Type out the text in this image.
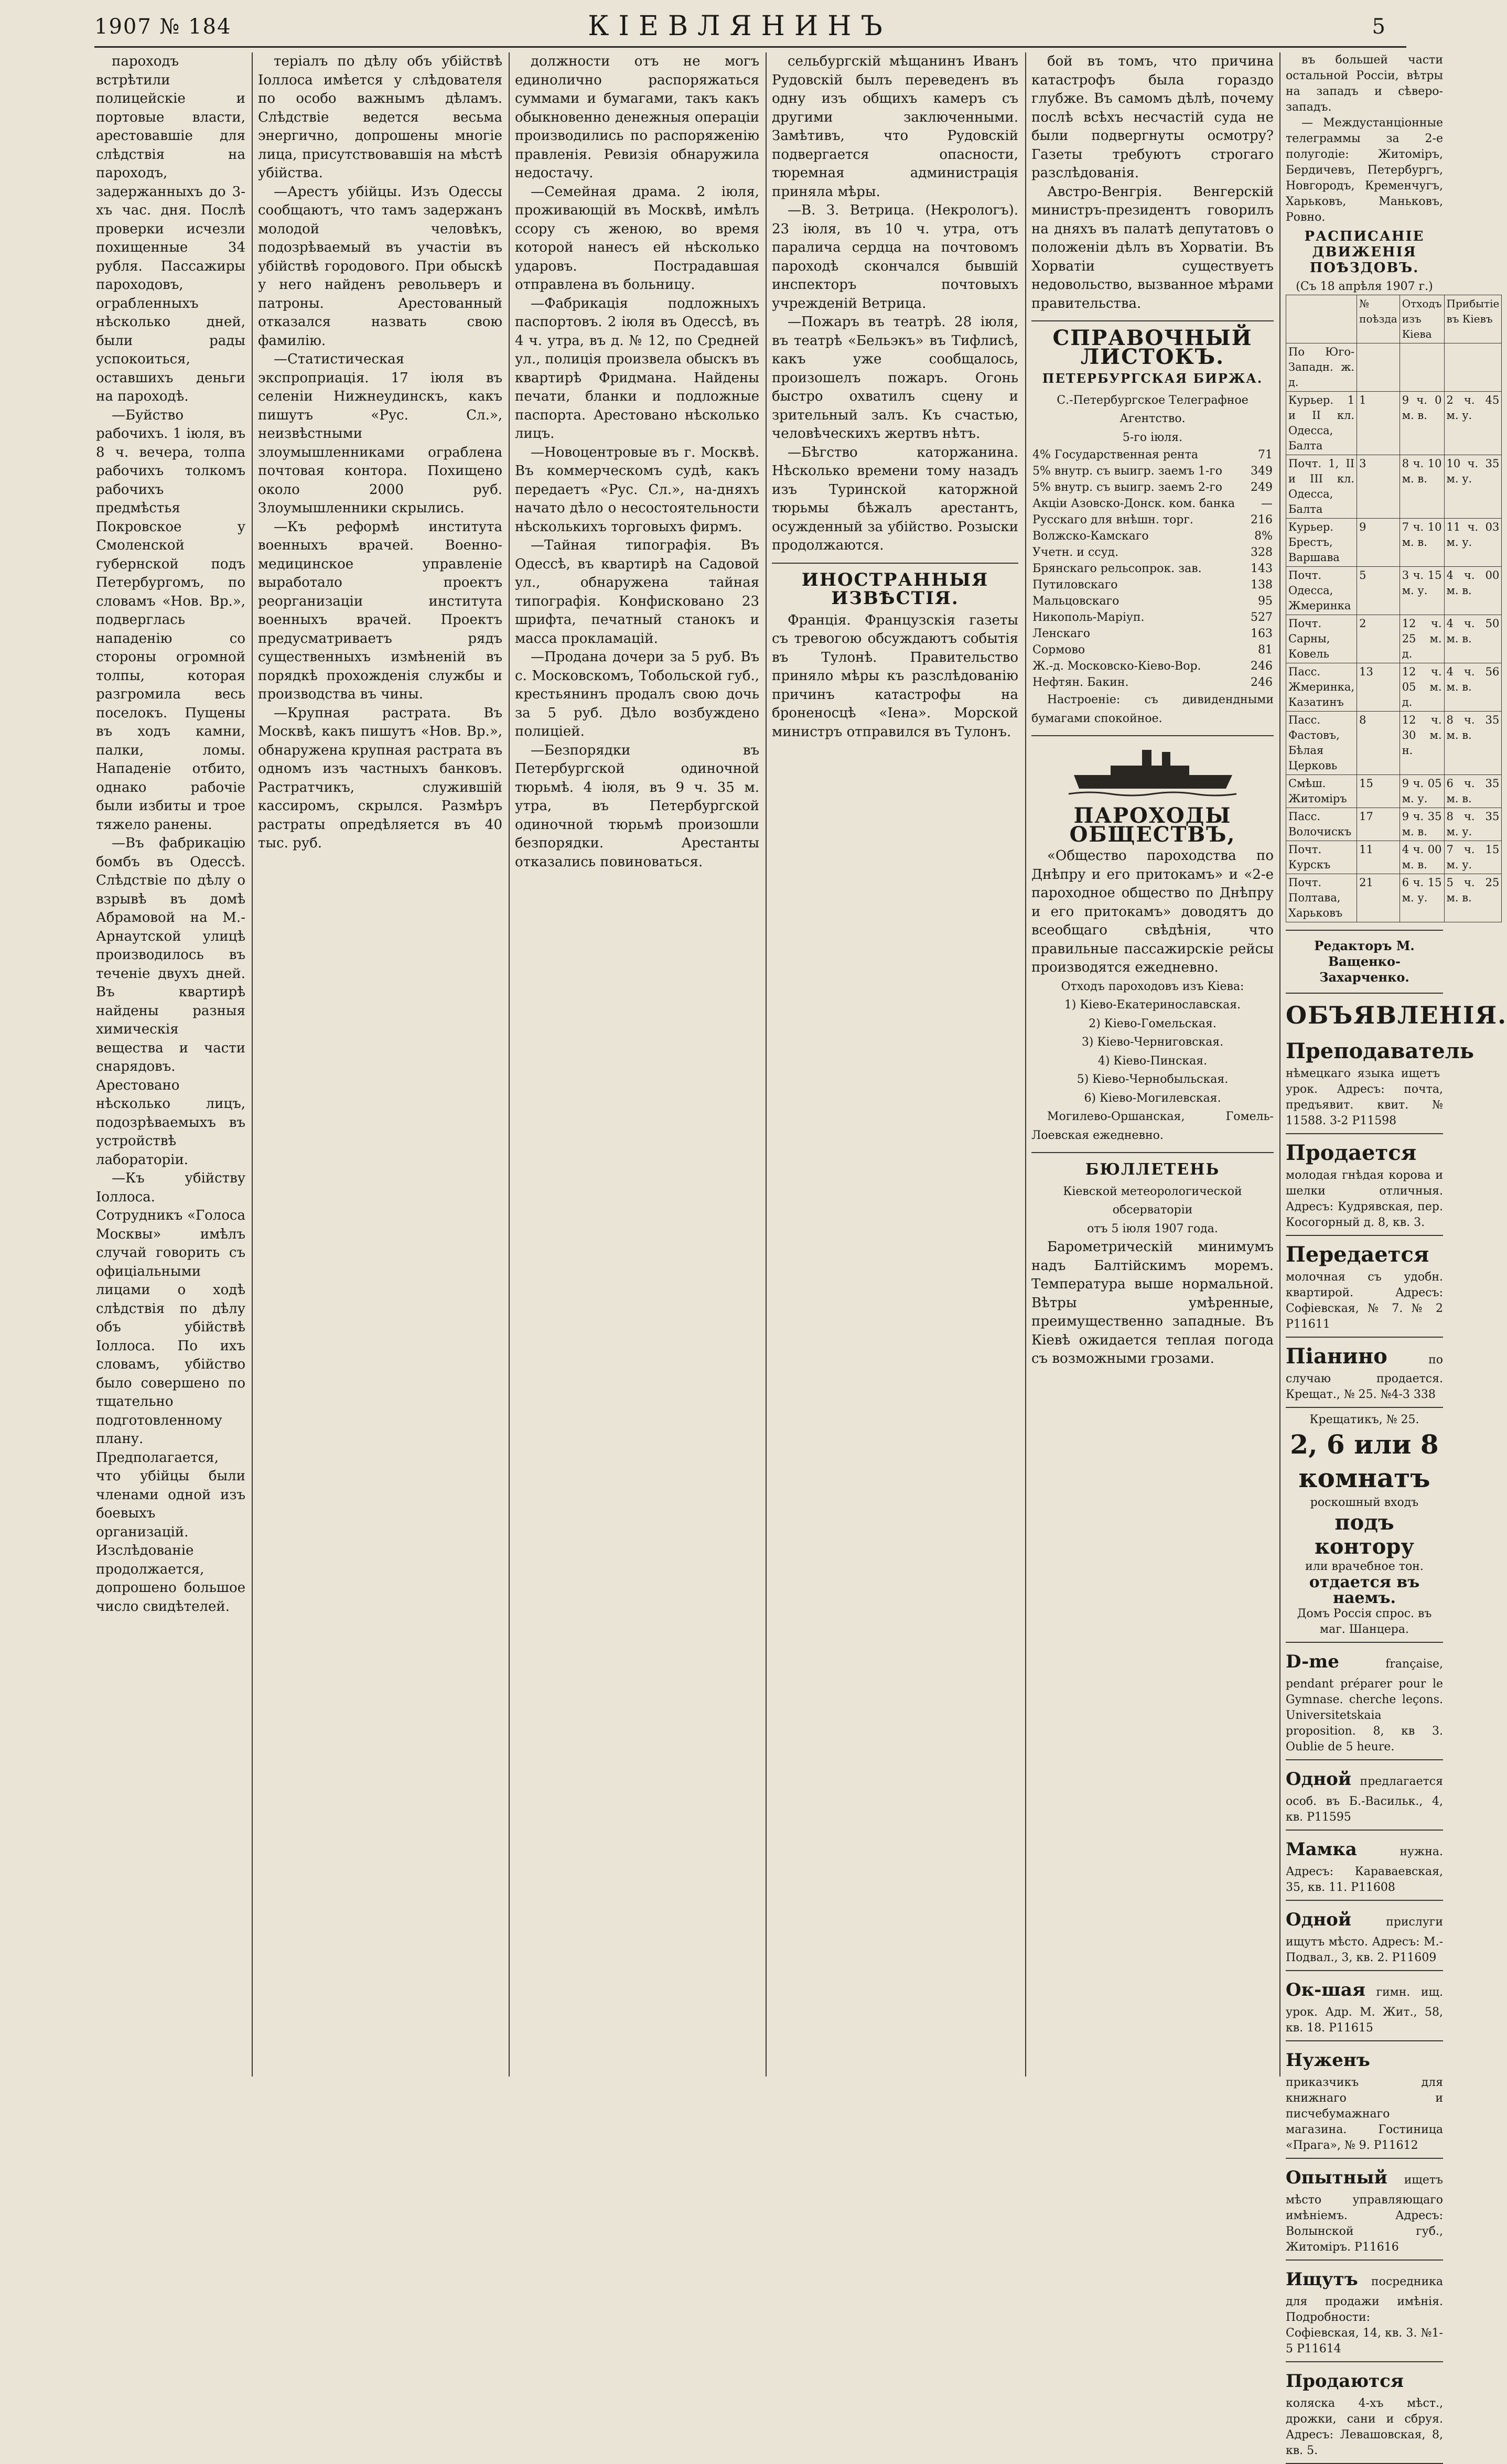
1907 № 184	КІЕВЛЯНИНЪ	5

пароходъ встрѣтили полицейскіе и портовые власти, арестовавшіе для слѣдствія на пароходъ, задержанныхъ до 3-хъ час. дня. Послѣ проверки исчезли похищенные 34 рубля. Пассажиры пароходовъ, ограбленныхъ нѣсколько дней, были рады успокоиться, оставшихъ деньги на пароходѣ.

—Буйство рабочихъ. 1 іюля, въ 8 ч. вечера, толпа рабочихъ толкомъ рабочихъ предмѣстья Покровское у Смоленской губернской подъ Петербургомъ, по словамъ «Нов. Вр.», подверглась нападенію со стороны огромной толпы, которая разгромила весь поселокъ. Пущены въ ходъ камни, палки, ломы. Нападеніе отбито, однако рабочіе были избиты и трое тяжело ранены.

—Въ фабрикацію бомбъ въ Одессѣ. Слѣдствіе по дѣлу о взрывѣ въ домѣ Абрамовой на М.-Арнаутской улицѣ производилось въ теченіе двухъ дней. Въ квартирѣ найдены разныя химическія вещества и части снарядовъ. Арестовано нѣсколько лицъ, подозрѣваемыхъ въ устройствѣ лабораторіи.

—Къ убійству Іоллоса. Сотрудникъ «Голоса Москвы» имѣлъ случай говорить съ офиціальными лицами о ходѣ слѣдствія по дѣлу объ убійствѣ Іоллоса. По ихъ словамъ, убійство было совершено по тщательно подготовленному плану. Предполагается, что убійцы были членами одной изъ боевыхъ организацій. Изслѣдованіе продолжается, допрошено большое число свидѣтелей.

теріалъ по дѣлу объ убійствѣ Іоллоса имѣется у слѣдователя по особо важнымъ дѣламъ. Слѣдствіе ведется весьма энергично, допрошены многіе лица, присутствовавшія на мѣстѣ убійства.

—Арестъ убійцы. Изъ Одессы сообщаютъ, что тамъ задержанъ молодой человѣкъ, подозрѣваемый въ участіи въ убійствѣ городового. При обыскѣ у него найденъ револьверъ и патроны. Арестованный отказался назвать свою фамилію.

—Статистическая экспроприація. 17 іюля въ селеніи Нижнеудинскъ, какъ пишутъ «Рус. Сл.», неизвѣстными злоумышленниками ограблена почтовая контора. Похищено около 2000 руб. Злоумышленники скрылись.

—Къ реформѣ института военныхъ врачей. Военно-медицинское управленіе выработало проектъ реорганизаціи института военныхъ врачей. Проектъ предусматриваетъ рядъ существенныхъ измѣненій въ порядкѣ прохожденія службы и производства въ чины.

—Крупная растрата. Въ Москвѣ, какъ пишутъ «Нов. Вр.», обнаружена крупная растрата въ одномъ изъ частныхъ банковъ. Растратчикъ, служившій кассиромъ, скрылся. Размѣръ растраты опредѣляется въ 40 тыс. руб.

должности отъ не могъ единолично распоряжаться суммами и бумагами, такъ какъ обыкновенно денежныя операціи производились по распоряженію правленія. Ревизія обнаружила недостачу.

—Семейная драма. 2 іюля, проживающій въ Москвѣ, имѣлъ ссору съ женою, во время которой нанесъ ей нѣсколько ударовъ. Пострадавшая отправлена въ больницу.

—Фабрикація подложныхъ паспортовъ. 2 іюля въ Одессѣ, въ 4 ч. утра, въ д. № 12, по Средней ул., полиція произвела обыскъ въ квартирѣ Фридмана. Найдены печати, бланки и подложные паспорта. Арестовано нѣсколько лицъ.

—Новоцентровые въ г. Москвѣ. Въ коммерческомъ судѣ, какъ передаетъ «Рус. Сл.», на-дняхъ начато дѣло о несостоятельности нѣсколькихъ торговыхъ фирмъ.

—Тайная типографія. Въ Одессѣ, въ квартирѣ на Садовой ул., обнаружена тайная типографія. Конфисковано 23 шрифта, печатный станокъ и масса прокламацій.

—Продана дочери за 5 руб. Въ с. Московскомъ, Тобольской губ., крестьянинъ продалъ свою дочь за 5 руб. Дѣло возбуждено полиціей.

—Безпорядки въ Петербургской одиночной тюрьмѣ. 4 іюля, въ 9 ч. 35 м. утра, въ Петербургской одиночной тюрьмѣ произошли безпорядки. Арестанты отказались повиноваться.

сельбургскій мѣщанинъ Иванъ Рудовскій былъ переведенъ въ одну изъ общихъ камеръ съ другими заключенными. Замѣтивъ, что Рудовскій подвергается опасности, тюремная администрація приняла мѣры.

—В. З. Ветрица. (Некрологъ). 23 іюля, въ 10 ч. утра, отъ паралича сердца на почтовомъ пароходѣ скончался бывшій инспекторъ почтовыхъ учрежденій Ветрица.

—Пожаръ въ театрѣ. 28 іюля, въ театрѣ «Бельэкъ» въ Тифлисѣ, какъ уже сообщалось, произошелъ пожаръ. Огонь быстро охватилъ сцену и зрительный залъ. Къ счастью, человѣческихъ жертвъ нѣтъ.

—Бѣгство каторжанина. Нѣсколько времени тому назадъ изъ Туринской каторжной тюрьмы бѣжалъ арестантъ, осужденный за убійство. Розыски продолжаются.

ИНОСТРАННЫЯ ИЗВѢСТІЯ.

Франція. Французскія газеты съ тревогою обсуждаютъ событія въ Тулонѣ. Правительство приняло мѣры къ разслѣдованію причинъ катастрофы на броненосцѣ «Іена». Морской министръ отправился въ Тулонъ.

бой въ томъ, что причина катастрофъ была гораздо глубже. Въ самомъ дѣлѣ, почему послѣ всѣхъ несчастій суда не были подвергнуты осмотру? Газеты требуютъ строгаго разслѣдованія.

Австро-Венгрія. Венгерскій министръ-президентъ говорилъ на дняхъ въ палатѣ депутатовъ о положеніи дѣлъ въ Хорватіи. Въ Хорватіи существуетъ недовольство, вызванное мѣрами правительства.

СПРАВОЧНЫЙ ЛИСТОКЪ.
ПЕТЕРБУРГСКАЯ БИРЖА.
С.-Петербургское Телеграфное Агентство.
5-го іюля.
4% Государственная рента	71
5% внутр. съ выигр. заемъ 1-го	349
5% внутр. съ выигр. заемъ 2-го	249
Акціи Азовско-Донск. ком. банка	—
Русскаго для внѣшн. торг.	216
Волжско-Камскаго	8%
Учетн. и ссуд.	328
Брянскаго рельсопрок. зав.	143
Путиловскаго	138
Мальцовскаго	95
Никополь-Маріуп.	527
Ленскаго	163
Сормово	81
Ж.-д. Московско-Кіево-Вор.	246
Нефтян. Бакин.	246

Настроеніе: съ дивидендными бумагами спокойное.

ПАРОХОДЫ ОБЩЕСТВЪ,

«Общество пароходства по Днѣпру и его притокамъ» и «2-е пароходное общество по Днѣпру и его притокамъ» доводятъ до всеобщаго свѣдѣнія, что правильные пассажирскіе рейсы производятся ежедневно.

Отходъ пароходовъ изъ Кіева:
1) Кіево-Екатеринославская.
2) Кіево-Гомельская.
3) Кіево-Черниговская.
4) Кіево-Пинская.
5) Кіево-Чернобыльская.
6) Кіево-Могилевская.

Могилево-Оршанская, Гомель-Лоевская ежедневно.

БЮЛЛЕТЕНЬ
Кіевской метеорологической обсерваторіи
отъ 5 іюля 1907 года.

Барометрическій минимумъ надъ Балтійскимъ моремъ. Температура выше нормальной. Вѣтры умѣренные, преимущественно западные. Въ Кіевѣ ожидается теплая погода съ возможными грозами.

въ большей части остальной Россіи, вѣтры на западъ и сѣверо-западъ.

— Междустанціонные телеграммы за 2-е полугодіе: Житоміръ, Бердичевъ, Петербургъ, Новгородъ, Кременчугъ, Харьковъ, Маньковъ, Ровно.

РАСПИСАНІЕ ДВИЖЕНІЯ ПОѢЗДОВЪ.
(Съ 18 апрѣля 1907 г.)
	№ поѣзда	Отходъ изъ Кіева	Прибытіе въ Кіевъ
По Юго-Западн. ж. д.			
Курьер. 1 и II кл. Одесса, Балта	1	9 ч. 0 м. в.	2 ч. 45 м. у.
Почт. 1, II и III кл. Одесса, Балта	3	8 ч. 10 м. в.	10 ч. 35 м. у.
Курьер. Брестъ, Варшава	9	7 ч. 10 м. в.	11 ч. 03 м. у.
Почт. Одесса, Жмеринка	5	3 ч. 15 м. у.	4 ч. 00 м. в.
Почт. Сарны, Ковель	2	12 ч. 25 м. д.	4 ч. 50 м. в.
Пасс. Жмеринка, Казатинъ	13	12 ч. 05 м. д.	4 ч. 56 м. в.
Пасс. Фастовъ, Бѣлая Церковь	8	12 ч. 30 м. н.	8 ч. 35 м. в.
Смѣш. Житоміръ	15	9 ч. 05 м. у.	6 ч. 35 м. в.
Пасс. Волочискъ	17	9 ч. 35 м. в.	8 ч. 35 м. у.
Почт. Курскъ	11	4 ч. 00 м. в.	7 ч. 15 м. у.
Почт. Полтава, Харьковъ	21	6 ч. 15 м. у.	5 ч. 25 м. в.
Редакторъ М. Ващенко-Захарченко.
ОБЪЯВЛЕНІЯ.
Преподаватель нѣмецкаго языка ищетъ урок. Адресъ: почта, предъявит. квит. № 11588. 3-2 Р11598
Продается молодая гнѣдая корова и шелки отличныя. Адресъ: Кудрявская, пер. Косогорный д. 8, кв. 3.
Передается молочная съ удобн. квартирой. Адресъ: Софіевская, № 7. № 2 Р11611
Піанино по случаю продается. Крещат., № 25. №4-3 338
Крещатикъ, № 25.
2, 6 или 8 комнатъ
роскошный входъ
подъ контору
или врачебное тон.
отдается въ наемъ.
Домъ Россія спрос. въ маг. Шанцера.
D-me française, pendant préparer pour le Gymnase. cherche leçons. Universitetskaia proposition. 8, кв 3. Oublie de 5 heure.
Одной предлагается особ. въ Б.-Васильк., 4, кв. Р11595
Мамка нужна. Адресъ: Караваевская, 35, кв. 11. Р11608
Одной прислуги ищутъ мѣсто. Адресъ: М.-Подвал., 3, кв. 2. Р11609
Ок-шая гимн. ищ. урок. Адр. М. Жит., 58, кв. 18. Р11615
Нуженъ приказчикъ для книжнаго и писчебумажнаго магазина. Гостиница «Прага», № 9. Р11612
Опытный ищетъ мѣсто управляющаго имѣніемъ. Адресъ: Волынской губ., Житоміръ. Р11616
Ищутъ посредника для продажи имѣнія. Подробности: Софіевская, 14, кв. 3. №1-5 Р11614
Продаются коляска 4-хъ мѣст., дрожки, сани и сбруя. Адресъ: Левашовская, 8, кв. 5.
